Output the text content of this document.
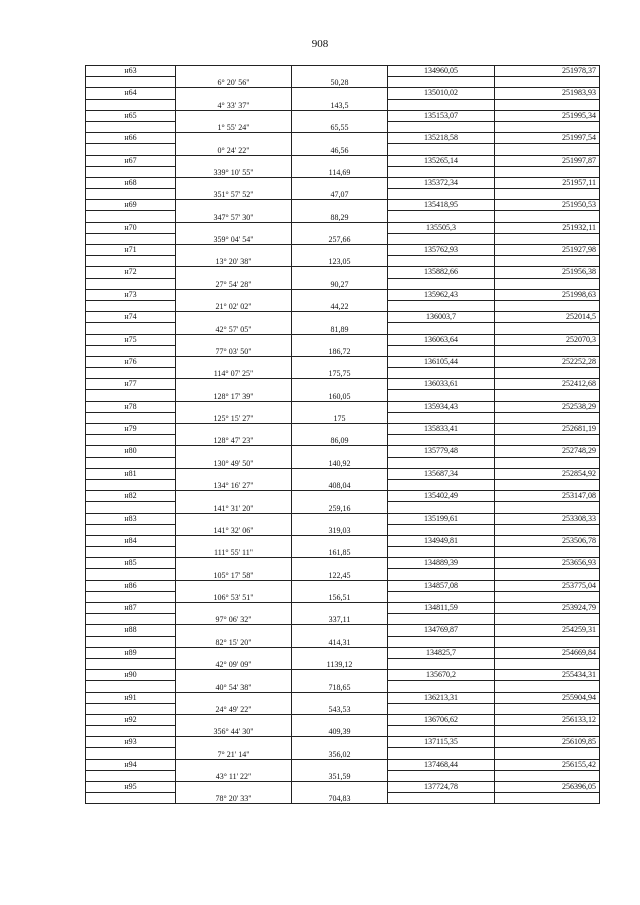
908
н63	6° 20' 56"	50,28	134960,05	251978,37

н64	4° 33' 37"	143,5	135010,02	251983,93

н65	1° 55' 24"	65,55	135153,07	251995,34

н66	0° 24' 22"	46,56	135218,58	251997,54

н67	339° 10' 55"	114,69	135265,14	251997,87

н68	351° 57' 52"	47,07	135372,34	251957,11

н69	347° 57' 30"	88,29	135418,95	251950,53

н70	359° 04' 54"	257,66	135505,3	251932,11

н71	13° 20' 38"	123,05	135762,93	251927,98

н72	27° 54' 28"	90,27	135882,66	251956,38

н73	21° 02' 02"	44,22	135962,43	251998,63

н74	42° 57' 05"	81,89	136003,7	252014,5

н75	77° 03' 50"	186,72	136063,64	252070,3

н76	114° 07' 25"	175,75	136105,44	252252,28

н77	128° 17' 39"	160,05	136033,61	252412,68

н78	125° 15' 27"	175	135934,43	252538,29

н79	128° 47' 23"	86,09	135833,41	252681,19

н80	130° 49' 50"	140,92	135779,48	252748,29

н81	134° 16' 27"	408,04	135687,34	252854,92

н82	141° 31' 20"	259,16	135402,49	253147,08

н83	141° 32' 06"	319,03	135199,61	253308,33

н84	111° 55' 11"	161,85	134949,81	253506,78

н85	105° 17' 58"	122,45	134889,39	253656,93

н86	106° 53' 51"	156,51	134857,08	253775,04

н87	97° 06' 32"	337,11	134811,59	253924,79

н88	82° 15' 20"	414,31	134769,87	254259,31

н89	42° 09' 09"	1139,12	134825,7	254669,84

н90	40° 54' 38"	718,65	135670,2	255434,31

н91	24° 49' 22"	543,53	136213,31	255904,94

н92	356° 44' 30"	409,39	136706,62	256133,12

н93	7° 21' 14"	356,02	137115,35	256109,85

н94	43° 11' 22"	351,59	137468,44	256155,42

н95	78° 20' 33"	704,83	137724,78	256396,05
